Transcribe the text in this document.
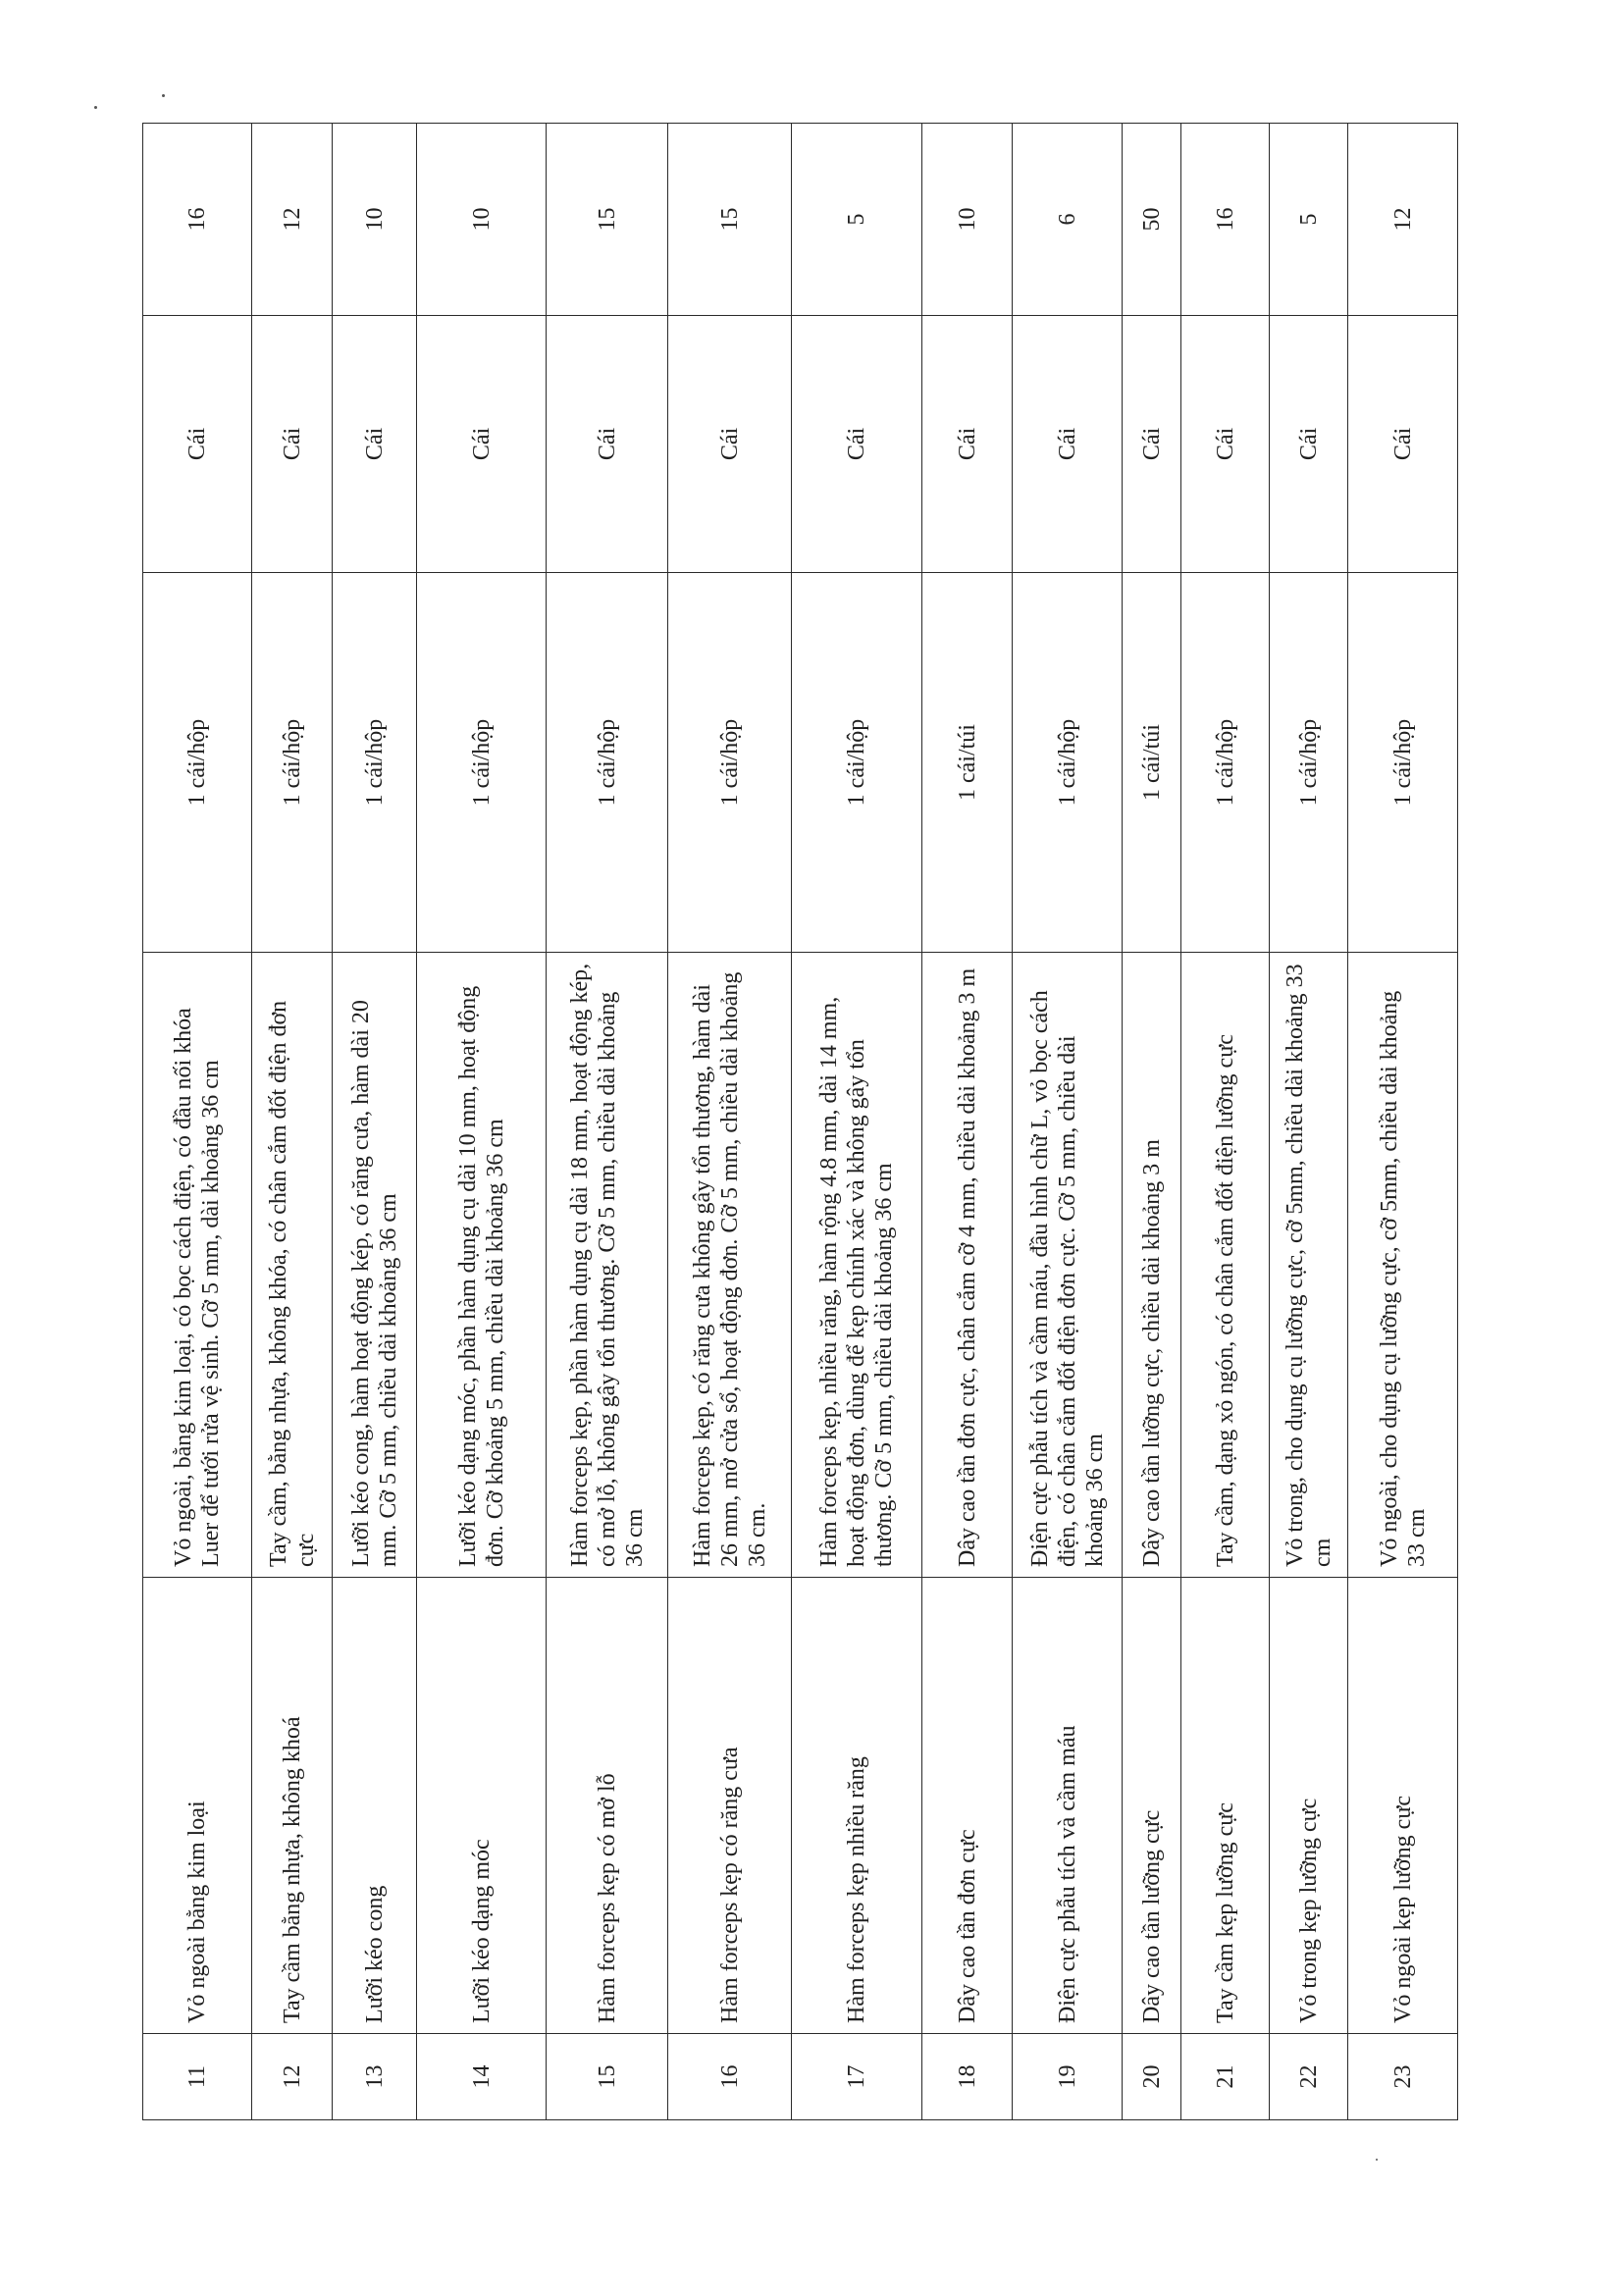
11	Vỏ ngoài bằng kim loại	Vỏ ngoài, bằng kim loại, có bọc cách điện, có đầu nối khóa Luer để tưới rửa vệ sinh. Cỡ 5 mm, dài khoảng 36 cm	1 cái/hộp	Cái	16
12	Tay cầm bằng nhựa, không khoá	Tay cầm, bằng nhựa, không khóa, có chân cắm đốt điện đơn cực	1 cái/hộp	Cái	12
13	Lưỡi kéo cong	Lưỡi kéo cong, hàm hoạt động kép, có răng cưa, hàm dài 20 mm. Cỡ 5 mm, chiều dài khoảng 36 cm	1 cái/hộp	Cái	10
14	Lưỡi kéo dạng móc	Lưỡi kéo dạng móc, phần hàm dụng cụ dài 10 mm, hoạt động đơn. Cỡ khoảng 5 mm, chiều dài khoảng 36 cm	1 cái/hộp	Cái	10
15	Hàm forceps kẹp có mở lỗ	Hàm forceps kẹp, phần hàm dụng cụ dài 18 mm, hoạt động kép, có mở lỗ, không gây tổn thương. Cỡ 5 mm, chiều dài khoảng 36 cm	1 cái/hộp	Cái	15
16	Hàm forceps kẹp có răng cưa	Hàm forceps kẹp, có răng cưa không gây tổn thương, hàm dài 26 mm, mở cửa sổ, hoạt động đơn. Cỡ 5 mm, chiều dài khoảng 36 cm.	1 cái/hộp	Cái	15
17	Hàm forceps kẹp nhiều răng	Hàm forceps kẹp, nhiều răng, hàm rộng 4.8 mm, dài 14 mm, hoạt động đơn, dùng để kẹp chính xác và không gây tổn thương. Cỡ 5 mm, chiều dài khoảng 36 cm	1 cái/hộp	Cái	5
18	Dây cao tần đơn cực	Dây cao tần đơn cực, chân cắm cỡ 4 mm, chiều dài khoảng 3 m	1 cái/túi	Cái	10
19	Điện cực phẫu tích và cầm máu	Điện cực phẫu tích và cầm máu, đầu hình chữ L, vỏ bọc cách điện, có chân cắm đốt điện đơn cực. Cỡ 5 mm, chiều dài khoảng 36 cm	1 cái/hộp	Cái	6
20	Dây cao tần lưỡng cực	Dây cao tần lưỡng cực, chiều dài khoảng 3 m	1 cái/túi	Cái	50
21	Tay cầm kẹp lưỡng cực	Tay cầm, dạng xỏ ngón, có chân cắm đốt điện lưỡng cực	1 cái/hộp	Cái	16
22	Vỏ trong kẹp lưỡng cực	Vỏ trong, cho dụng cụ lưỡng cực, cỡ 5mm, chiều dài khoảng 33 cm	1 cái/hộp	Cái	5
23	Vỏ ngoài kẹp lưỡng cực	Vỏ ngoài, cho dụng cụ lưỡng cực, cỡ 5mm, chiều dài khoảng 33 cm	1 cái/hộp	Cái	12
